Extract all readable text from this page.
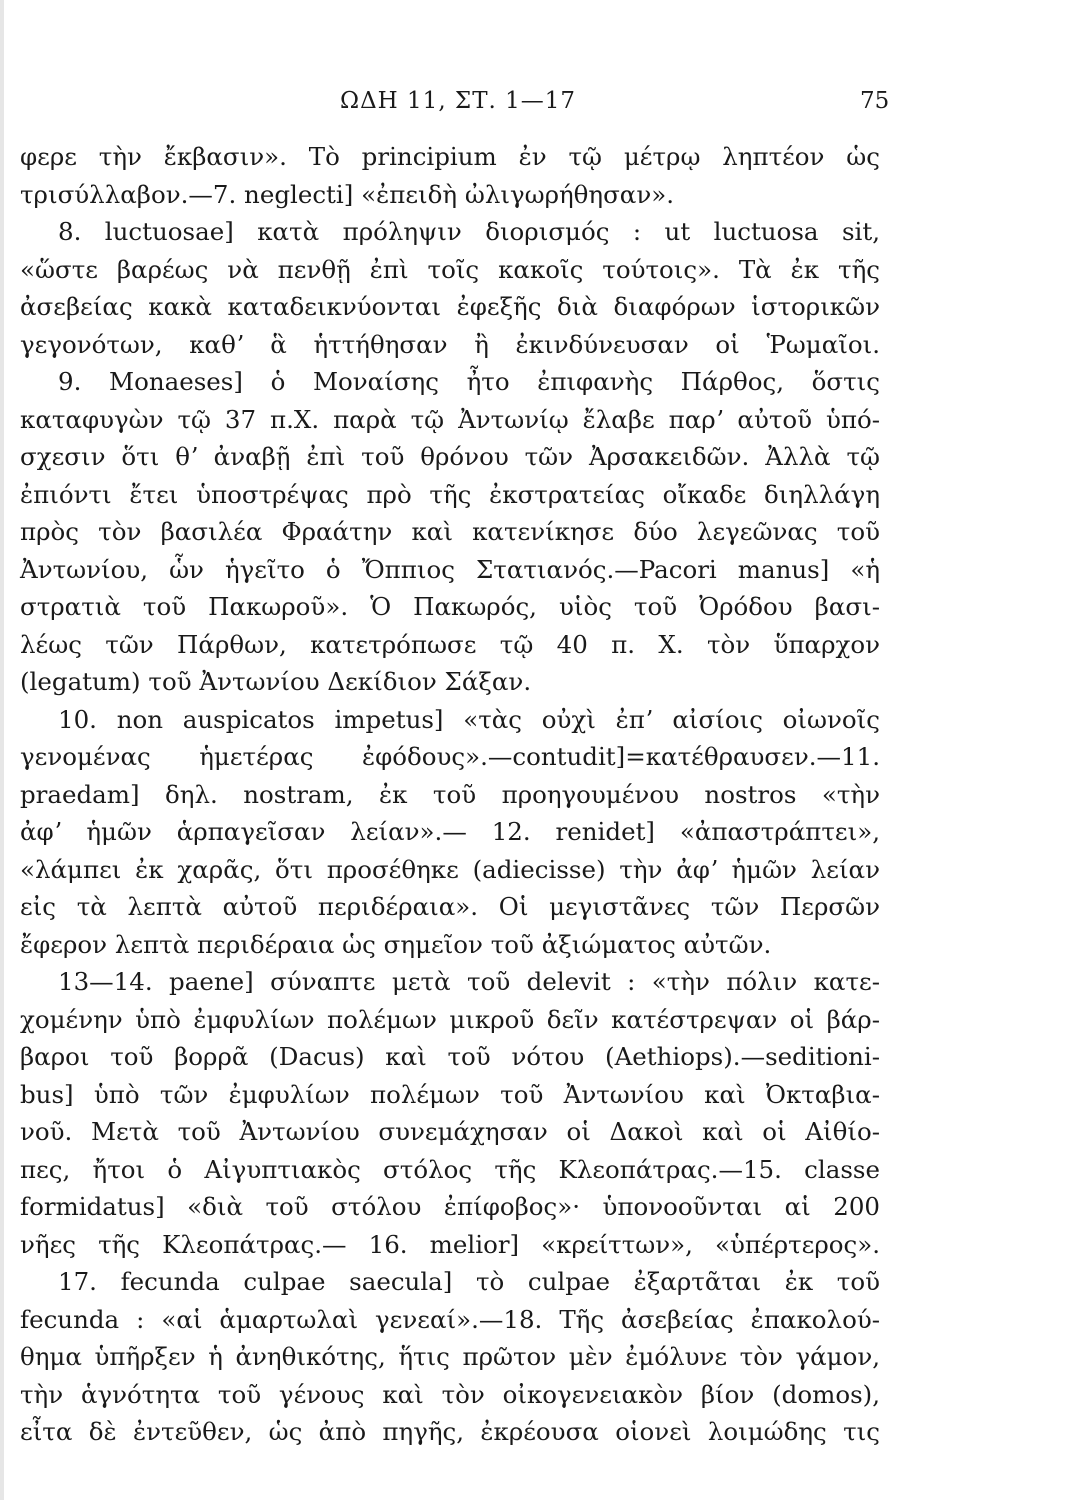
ΩΔΗ 11, ΣΤ. 1—17	75
φερε τὴν ἔκβασιν». Τὸ principium ἐν τῷ μέτρῳ ληπτέον ὡς
τρισύλλαβον.—7. neglecti] «ἐπειδὴ ὠλιγωρήθησαν».
8. luctuosae] κατὰ πρόληψιν διορισμός : ut luctuosa sit,
«ὥστε βαρέως νὰ πενθῇ ἐπὶ τοῖς κακοῖς τούτοις». Τὰ ἐκ τῆς
ἀσεβείας κακὰ καταδεικνύονται ἐφεξῆς διὰ διαφόρων ἱστορικῶν
γεγονότων, καθʼ ἃ ἡττήθησαν ἢ ἐκινδύνευσαν οἱ Ῥωμαῖοι.
9. Monaeses] ὁ Μοναίσης ἦτο ἐπιφανὴς Πάρθος, ὅστις
καταφυγὼν τῷ 37 π.Χ. παρὰ τῷ Ἀντωνίῳ ἔλαβε παρʼ αὐτοῦ ὑπό-
σχεσιν ὅτι θʼ ἀναβῇ ἐπὶ τοῦ θρόνου τῶν Ἀρσακειδῶν. Ἀλλὰ τῷ
ἐπιόντι ἔτει ὑποστρέψας πρὸ τῆς ἐκστρατείας οἴκαδε διηλλάγη
πρὸς τὸν βασιλέα Φραάτην καὶ κατενίκησε δύο λεγεῶνας τοῦ
Ἀντωνίου, ὧν ἡγεῖτο ὁ Ὄππιος Στατιανός.—Pacori manus] «ἡ
στρατιὰ τοῦ Πακωροῦ». Ὁ Πακωρός, υἱὸς τοῦ Ὀρόδου βασι-
λέως τῶν Πάρθων, κατετρόπωσε τῷ 40 π. Χ. τὸν ὕπαρχον
(legatum) τοῦ Ἀντωνίου Δεκίδιον Σάξαν.
10. non auspicatos impetus] «τὰς οὐχὶ ἐπʼ αἰσίοις οἰωνοῖς
γενομένας ἡμετέρας ἐφόδους».—contudit]=κατέθραυσεν.—11.
praedam] δηλ. nostram, ἐκ τοῦ προηγουμένου nostros «τὴν
ἀφʼ ἡμῶν ἁρπαγεῖσαν λείαν».— 12. renidet] «ἀπαστράπτει»,
«λάμπει ἐκ χαρᾶς, ὅτι προσέθηκε (adiecisse) τὴν ἀφʼ ἡμῶν λείαν
εἰς τὰ λεπτὰ αὐτοῦ περιδέραια». Οἱ μεγιστᾶνες τῶν Περσῶν
ἔφερον λεπτὰ περιδέραια ὡς σημεῖον τοῦ ἀξιώματος αὐτῶν.
13—14. paene] σύναπτε μετὰ τοῦ delevit : «τὴν πόλιν κατε-
χομένην ὑπὸ ἐμφυλίων πολέμων μικροῦ δεῖν κατέστρεψαν οἱ βάρ-
βαροι τοῦ βορρᾶ (Dacus) καὶ τοῦ νότου (Aethiops).—seditioni-
bus] ὑπὸ τῶν ἐμφυλίων πολέμων τοῦ Ἀντωνίου καὶ Ὀκταβια-
νοῦ. Μετὰ τοῦ Ἀντωνίου συνεμάχησαν οἱ Δακοὶ καὶ οἱ Αἰθίο-
πες, ἤτοι ὁ Αἰγυπτιακὸς στόλος τῆς Κλεοπάτρας.—15. classe
formidatus] «διὰ τοῦ στόλου ἐπίφοβος»· ὑπονοοῦνται αἱ 200
νῆες τῆς Κλεοπάτρας.— 16. melior] «κρείττων», «ὑπέρτερος».
17. fecunda culpae saecula] τὸ culpae ἐξαρτᾶται ἐκ τοῦ
fecunda : «αἱ ἁμαρτωλαὶ γενεαί».—18. Τῆς ἀσεβείας ἐπακολού-
θημα ὑπῆρξεν ἡ ἀνηθικότης, ἥτις πρῶτον μὲν ἐμόλυνε τὸν γάμον,
τὴν ἁγνότητα τοῦ γένους καὶ τὸν οἰκογενειακὸν βίον (domos),
εἶτα δὲ ἐντεῦθεν, ὡς ἀπὸ πηγῆς, ἐκρέουσα οἱονεὶ λοιμώδης τις
